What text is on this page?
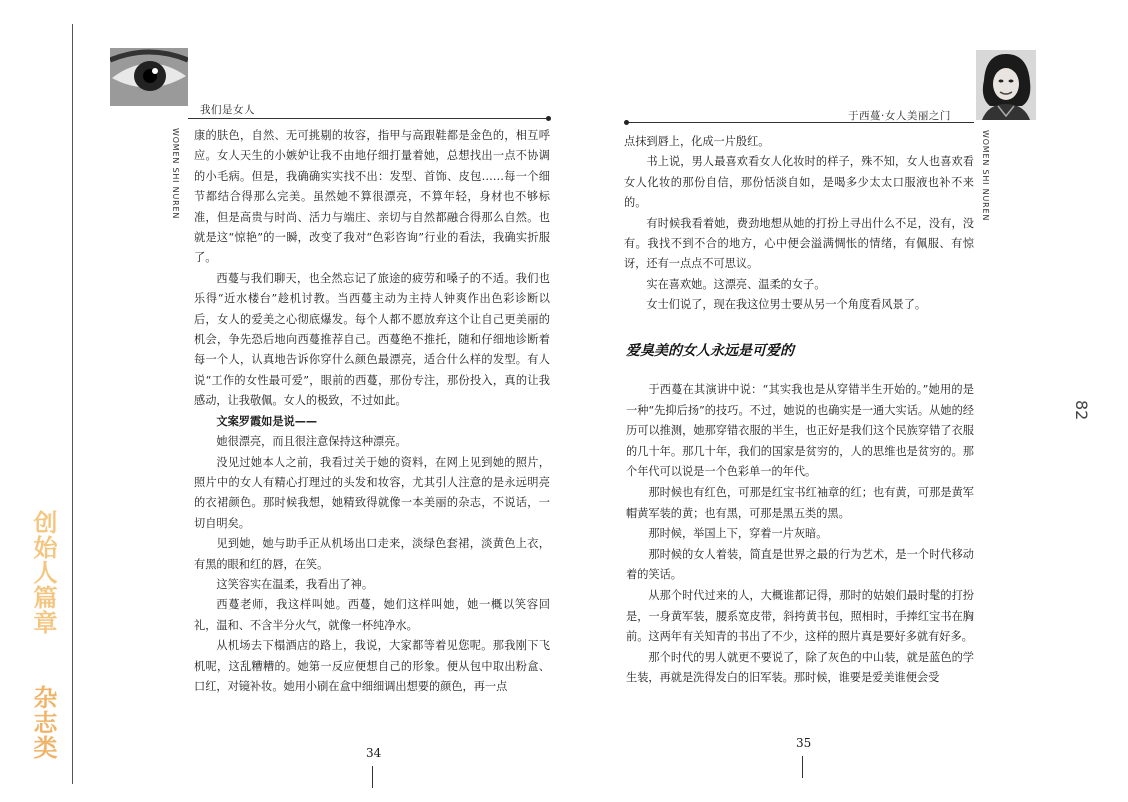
创始人篇章
杂志类
我们是女人
WOMEN SHI NUREN 康的肤色，自然、无可挑剔的妆容，指甲与高跟鞋都是金色的，相互呼应。女人天生的小嫉妒让我不由地仔细打量着她，总想找出一点不协调的小毛病。但是，我确确实实找不出：发型、首饰、皮包……每一个细节都结合得那么完美。虽然她不算很漂亮，不算年轻，身材也不够标准，但是高贵与时尚、活力与端庄、亲切与自然都融合得那么自然。也就是这“惊艳”的一瞬，改变了我对“色彩咨询”行业的看法，我确实折服了。

西蔓与我们聊天，也全然忘记了旅途的疲劳和嗓子的不适。我们也乐得“近水楼台”趁机讨教。当西蔓主动为主持人钟爽作出色彩诊断以后，女人的爱美之心彻底爆发。每个人都不愿放弃这个让自己更美丽的机会，争先恐后地向西蔓推荐自己。西蔓绝不推托，随和仔细地诊断着每一个人，认真地告诉你穿什么颜色最漂亮，适合什么样的发型。有人说“工作的女性最可爱”，眼前的西蔓，那份专注，那份投入，真的让我感动，让我敬佩。女人的极致，不过如此。

文案罗霞如是说——

她很漂亮，而且很注意保持这种漂亮。

没见过她本人之前，我看过关于她的资料，在网上见到她的照片，照片中的女人有精心打理过的头发和妆容，尤其引人注意的是永远明亮的衣裙颜色。那时候我想，她精致得就像一本美丽的杂志，不说话，一切自明矣。

见到她，她与助手正从机场出口走来，淡绿色套裙，淡黄色上衣，有黑的眼和红的唇，在笑。

这笑容实在温柔，我看出了神。

西蔓老师，我这样叫她。西蔓，她们这样叫她，她一概以笑容回礼，温和、不含半分火气，就像一杯纯净水。

从机场去下榻酒店的路上，我说，大家都等着见您呢。那我刚下飞机呢，这乱糟糟的。她第一反应便想自己的形象。便从包中取出粉盒、口红，对镜补妆。她用小刷在盒中细细调出想要的颜色，再一点

34
于西蔓·女人美丽之门
WOMEN SHI NUREN

点抹到唇上，化成一片殷红。

书上说，男人最喜欢看女人化妆时的样子，殊不知，女人也喜欢看女人化妆的那份自信，那份恬淡自如，是喝多少太太口服液也补不来的。

有时候我看着她，费劲地想从她的打扮上寻出什么不足，没有，没有。我找不到不合的地方，心中便会溢满惆怅的情绪，有佩服、有惊讶，还有一点点不可思议。

实在喜欢她。这漂亮、温柔的女子。

女士们说了，现在我这位男士要从另一个角度看风景了。

爱臭美的女人永远是可爱的

于西蔓在其演讲中说：“其实我也是从穿错半生开始的。”她用的是一种“先抑后扬”的技巧。不过，她说的也确实是一通大实话。从她的经历可以推测，她那穿错衣服的半生，也正好是我们这个民族穿错了衣服的几十年。那几十年，我们的国家是贫穷的，人的思维也是贫穷的。那个年代可以说是一个色彩单一的年代。

那时候也有红色，可那是红宝书红袖章的红；也有黄，可那是黄军帽黄军装的黄；也有黑，可那是黑五类的黑。

那时候，举国上下，穿着一片灰暗。

那时候的女人着装，简直是世界之最的行为艺术，是一个时代移动着的笑话。

从那个时代过来的人，大概谁都记得，那时的姑娘们最时髦的打扮是，一身黄军装，腰系宽皮带，斜挎黄书包，照相时，手捧红宝书在胸前。这两年有关知青的书出了不少，这样的照片真是要好多就有好多。

那个时代的男人就更不要说了，除了灰色的中山装，就是蓝色的学生装，再就是洗得发白的旧军装。那时候，谁要是爱美谁便会受

35
82
